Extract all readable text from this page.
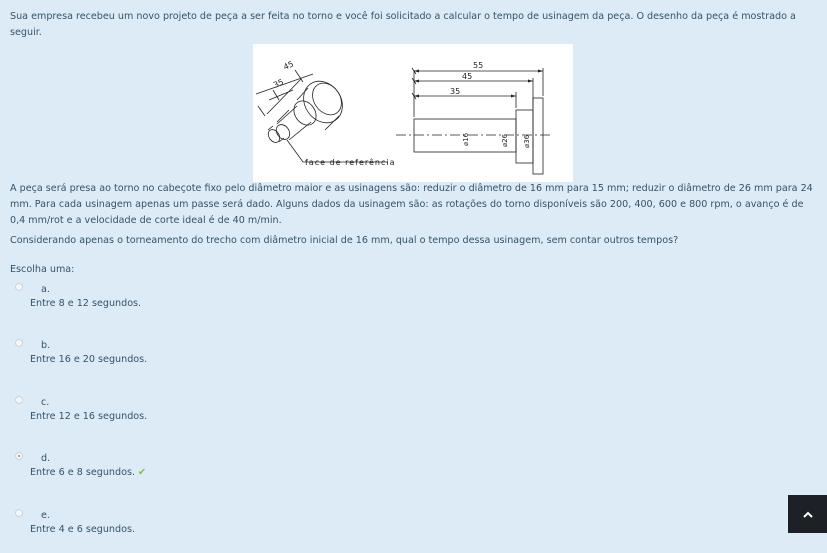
Sua empresa recebeu um novo projeto de peça a ser feita no torno e você foi solicitado a calcular o tempo de usinagem da peça. O desenho da peça é mostrado a seguir.
45
35
face de referência
55
45
35
⌀16	⌀26 ⌀36
A peça será presa ao torno no cabeçote fixo pelo diâmetro maior e as usinagens são: reduzir o diâmetro de 16 mm para 15 mm; reduzir o diâmetro de 26 mm para 24 mm. Para cada usinagem apenas um passe será dado. Alguns dados da usinagem são: as rotações do torno disponíveis são 200, 400, 600 e 800 rpm, o avanço é de 0,4 mm/rot e a velocidade de corte ideal é de 40 m/min.
Considerando apenas o torneamento do trecho com diâmetro inicial de 16 mm, qual o tempo dessa usinagem, sem contar outros tempos?
Escolha uma:
a.
Entre 8 e 12 segundos.
b.
Entre 16 e 20 segundos.
c.
Entre 12 e 16 segundos.
d.
Entre 6 e 8 segundos. ✔
e.
Entre 4 e 6 segundos.
